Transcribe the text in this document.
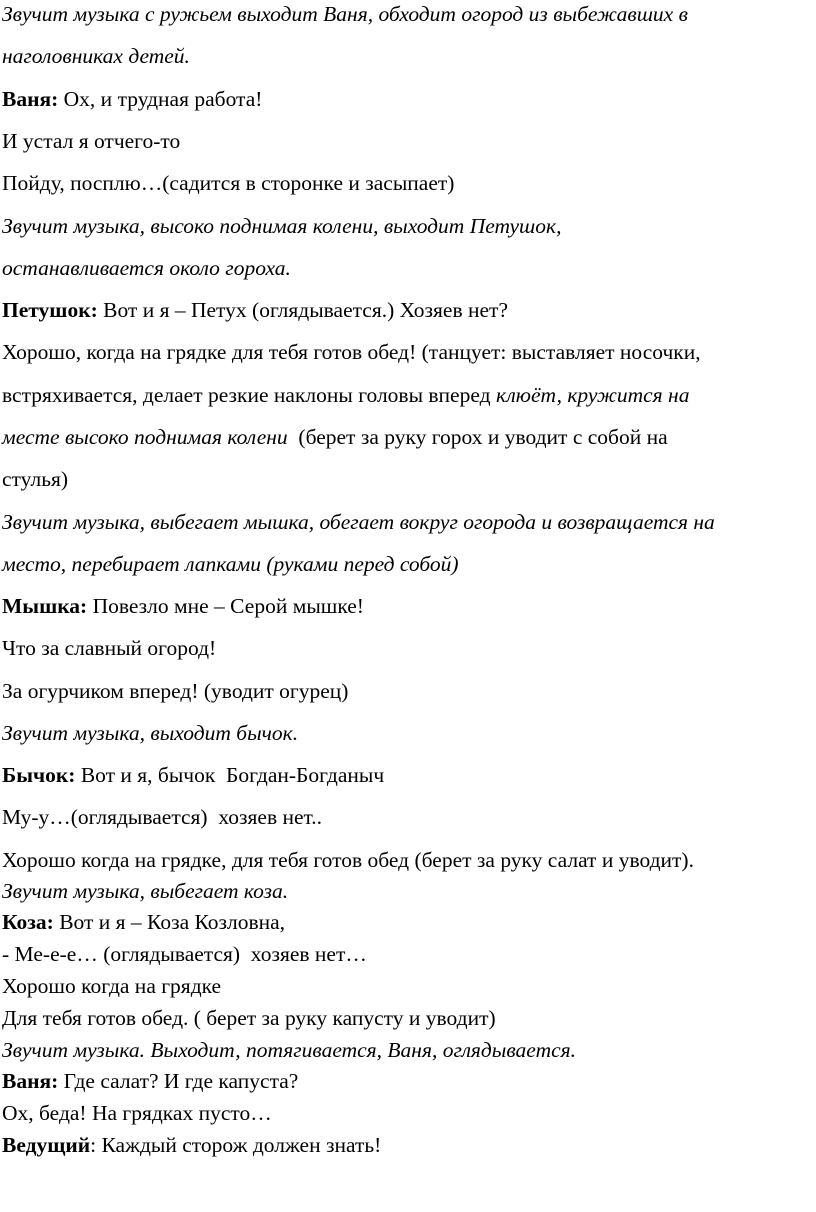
Звучит музыка с ружьем выходит Ваня, обходит огород из выбежавших в

наголовниках детей.

Ваня: Ох, и трудная работа!

И устал я отчего-то

Пойду, посплю…(садится в сторонке и засыпает)

Звучит музыка, высоко поднимая колени, выходит Петушок,

останавливается около гороха.

Петушок: Вот и я – Петух (оглядывается.) Хозяев нет?

Хорошо, когда на грядке для тебя готов обед! (танцует: выставляет носочки,

встряхивается, делает резкие наклоны головы вперед клюёт, кружится на

месте высоко поднимая колени  (берет за руку горох и уводит с собой на

стулья)

Звучит музыка, выбегает мышка, обегает вокруг огорода и возвращается на

место, перебирает лапками (руками перед собой)

Мышка: Повезло мне – Серой мышке!

Что за славный огород!

За огурчиком вперед! (уводит огурец)

Звучит музыка, выходит бычок.

Бычок: Вот и я, бычок  Богдан-Богданыч

Му-у…(оглядывается)  хозяев нет..

Хорошо когда на грядке, для тебя готов обед (берет за руку салат и уводит).

Звучит музыка, выбегает коза.

Коза: Вот и я – Коза Козловна,

- Ме-е-е… (оглядывается)  хозяев нет…

Хорошо когда на грядке

Для тебя готов обед. ( берет за руку капусту и уводит)

Звучит музыка. Выходит, потягивается, Ваня, оглядывается.

Ваня: Где салат? И где капуста?

Ох, беда! На грядках пусто…

Ведущий: Каждый сторож должен знать!
